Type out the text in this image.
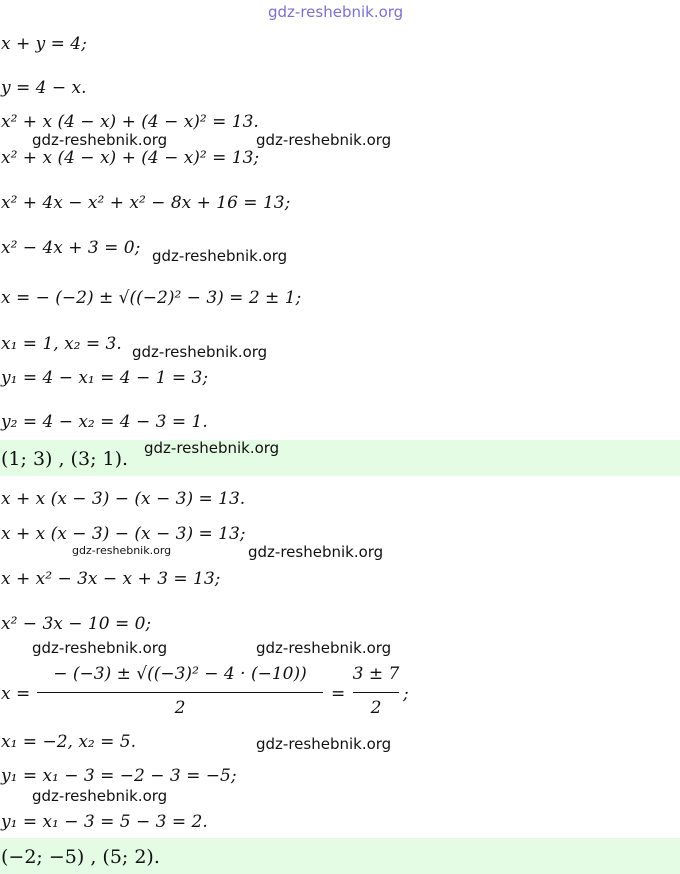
gdz-reshebnik.org
x + y = 4;
y = 4 − x.
x² + x (4 − x) + (4 − x)² = 13.
x² + x (4 − x) + (4 − x)² = 13;
x² + 4x − x² + x² − 8x + 16 = 13;
x² − 4x + 3 = 0;
x = − (−2) ± √((−2)² − 3) = 2 ± 1;
x₁ = 1, x₂ = 3.
y₁ = 4 − x₁ = 4 − 1 = 3;
y₂ = 4 − x₂ = 4 − 3 = 1.
(1; 3) , (3; 1).
x + x (x − 3) − (x − 3) = 13.
x + x (x − 3) − (x − 3) = 13;
x + x² − 3x − x + 3 = 13;
x² − 3x − 10 = 0;
x =
− (−3) ± √((−3)² − 4 · (−10))
2
=
3 ± 7
2
;
x₁ = −2, x₂ = 5.
y₁ = x₁ − 3 = −2 − 3 = −5;
y₁ = x₁ − 3 = 5 − 3 = 2.
(−2; −5) , (5; 2).
gdz-reshebnik.org	gdz-reshebnik.org
gdz-reshebnik.org
gdz-reshebnik.org
gdz-reshebnik.org
gdz-reshebnik.org	gdz-reshebnik.org
gdz-reshebnik.org	gdz-reshebnik.org
gdz-reshebnik.org
gdz-reshebnik.org
